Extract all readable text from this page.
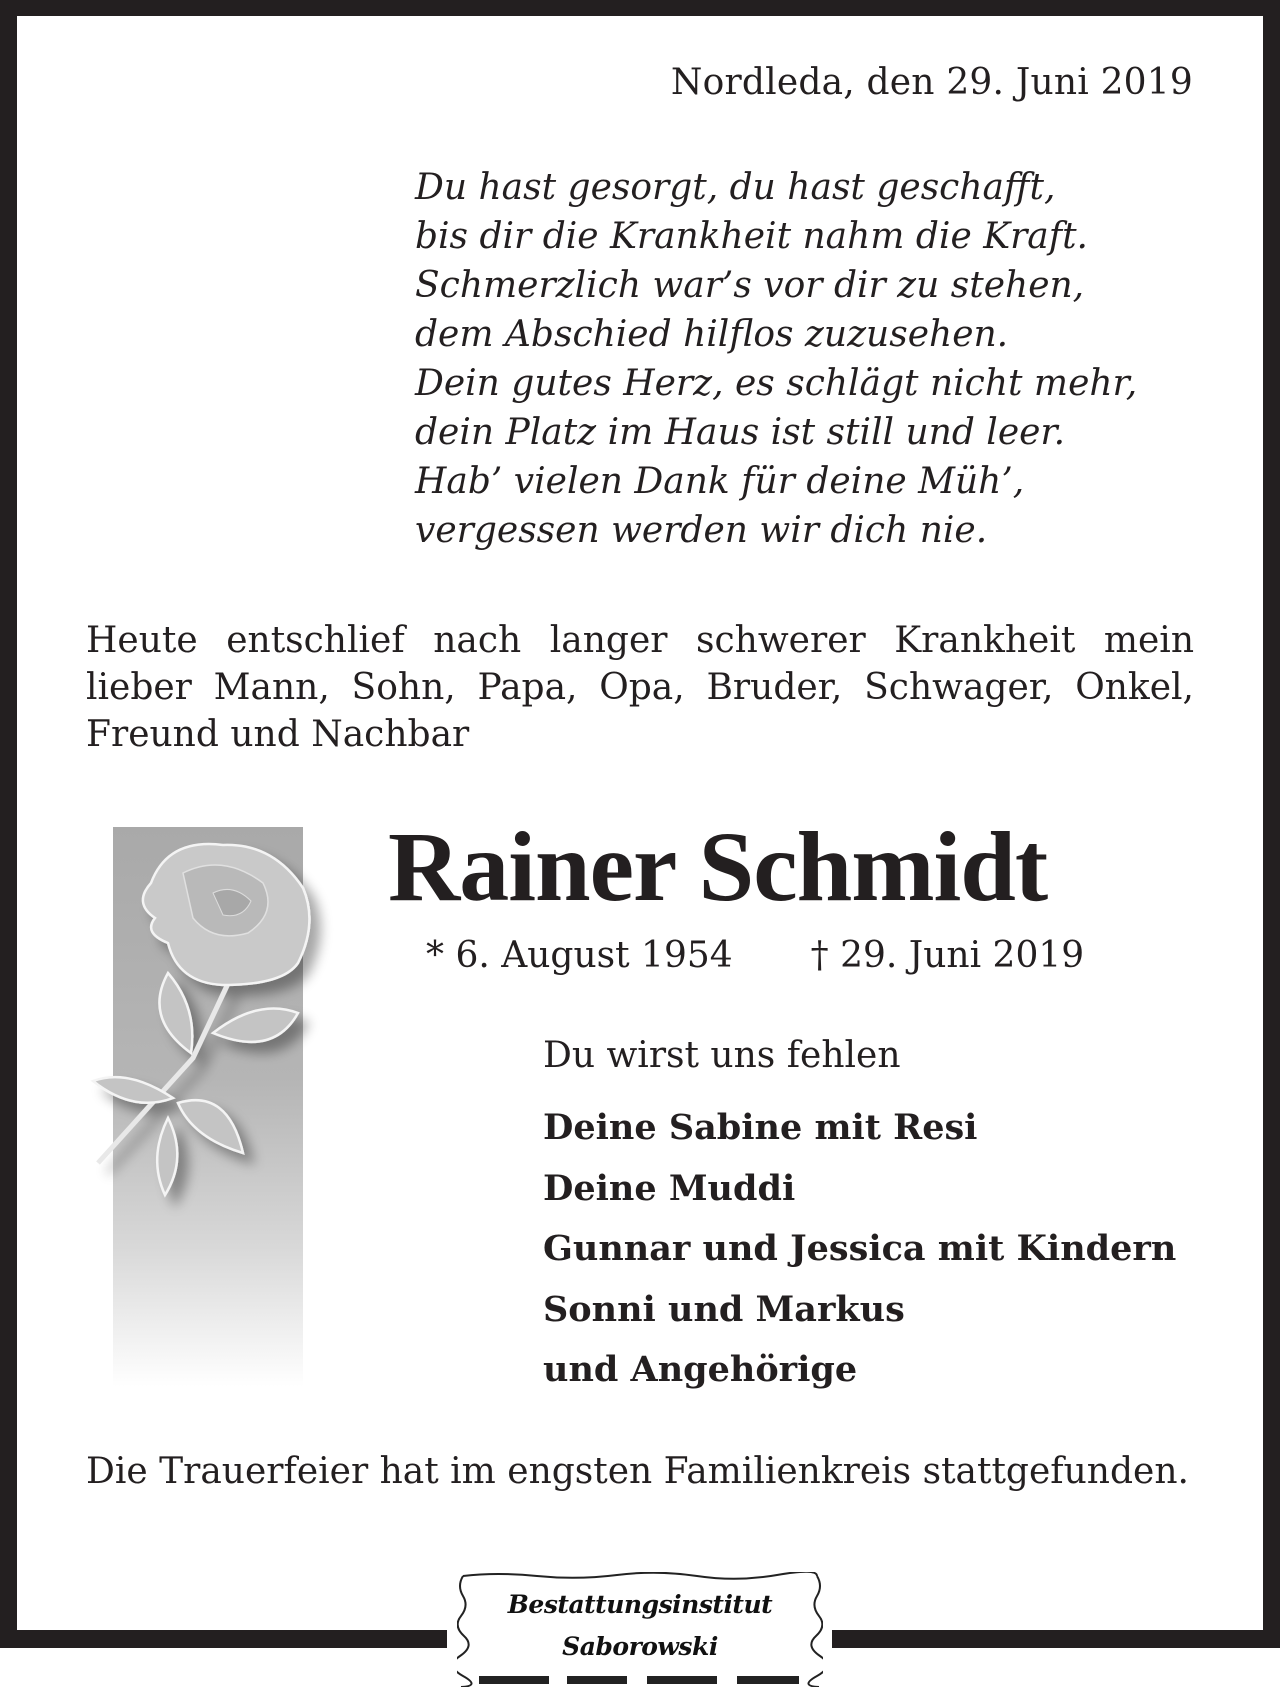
Nordleda, den 29. Juni 2019
Du hast gesorgt, du hast geschafft,
bis dir die Krankheit nahm die Kraft.
Schmerzlich war’s vor dir zu stehen,
dem Abschied hilflos zuzusehen.
Dein gutes Herz, es schlägt nicht mehr,
dein Platz im Haus ist still und leer.
Hab’ vielen Dank für deine Müh’,
vergessen werden wir dich nie.
Heute entschlief nach langer schwerer Krankheit mein lieber Mann, Sohn, Papa, Opa, Bruder, Schwager, Onkel, Freund und Nachbar
Rainer Schmidt
* 6. August 1954 † 29. Juni 2019
Du wirst uns fehlen
Deine Sabine mit Resi
Deine Muddi
Gunnar und Jessica mit Kindern
Sonni und Markus
und Angehörige
Die Trauerfeier hat im engsten Familienkreis stattgefunden.
Bestattungsinstitut
Saborowski
